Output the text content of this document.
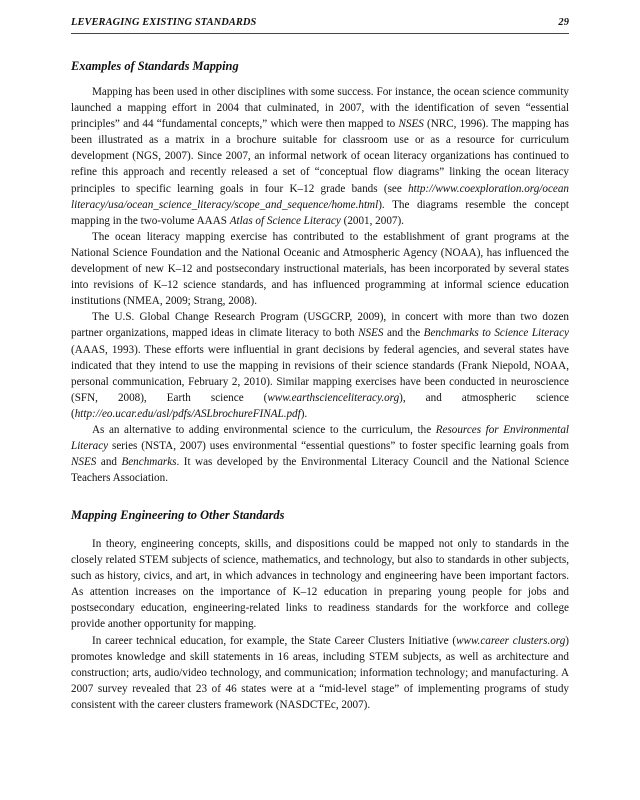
LEVERAGING EXISTING STANDARDS	29
Examples of Standards Mapping

Mapping has been used in other disciplines with some success. For instance, the ocean science community launched a mapping effort in 2004 that culminated, in 2007, with the identification of seven “essential principles” and 44 “fundamental concepts,” which were then mapped to NSES (NRC, 1996). The mapping has been illustrated as a matrix in a brochure suitable for classroom use or as a resource for curriculum development (NGS, 2007). Since 2007, an informal network of ocean literacy organizations has continued to refine this approach and recently released a set of “conceptual flow diagrams” linking the ocean literacy principles to specific learning goals in four K–12 grade bands (see http://www.coexploration.org/ocean literacy/usa/ocean_science_literacy/scope_and_sequence/home.html). The diagrams resemble the concept mapping in the two-volume AAAS Atlas of Science Literacy (2001, 2007).

The ocean literacy mapping exercise has contributed to the establishment of grant programs at the National Science Foundation and the National Oceanic and Atmospheric Agency (NOAA), has influenced the development of new K–12 and postsecondary instructional materials, has been incorporated by several states into revisions of K–12 science standards, and has influenced programming at informal science education institutions (NMEA, 2009; Strang, 2008).

The U.S. Global Change Research Program (USGCRP, 2009), in concert with more than two dozen partner organizations, mapped ideas in climate literacy to both NSES and the Benchmarks to Science Literacy (AAAS, 1993). These efforts were influential in grant decisions by federal agencies, and several states have indicated that they intend to use the mapping in revisions of their science standards (Frank Niepold, NOAA, personal communication, February 2, 2010). Similar mapping exercises have been conducted in neuroscience (SFN, 2008), Earth science (www.earthscienceliteracy.org), and atmospheric science (http://eo.ucar.edu/asl/pdfs/ASLbrochureFINAL.pdf).

As an alternative to adding environmental science to the curriculum, the Resources for Environmental Literacy series (NSTA, 2007) uses environmental “essential questions” to foster specific learning goals from NSES and Benchmarks. It was developed by the Environmental Literacy Council and the National Science Teachers Association.

Mapping Engineering to Other Standards

In theory, engineering concepts, skills, and dispositions could be mapped not only to standards in the closely related STEM subjects of science, mathematics, and technology, but also to standards in other subjects, such as history, civics, and art, in which advances in technology and engineering have been important factors. As attention increases on the importance of K–12 education in preparing young people for jobs and postsecondary education, engineering-related links to readiness standards for the workforce and college provide another opportunity for mapping.

In career technical education, for example, the State Career Clusters Initiative (www.career clusters.org) promotes knowledge and skill statements in 16 areas, including STEM subjects, as well as architecture and construction; arts, audio/video technology, and communication; information technology; and manufacturing. A 2007 survey revealed that 23 of 46 states were at a “mid-level stage” of implementing programs of study consistent with the career clusters framework (NASDCTEc, 2007).
